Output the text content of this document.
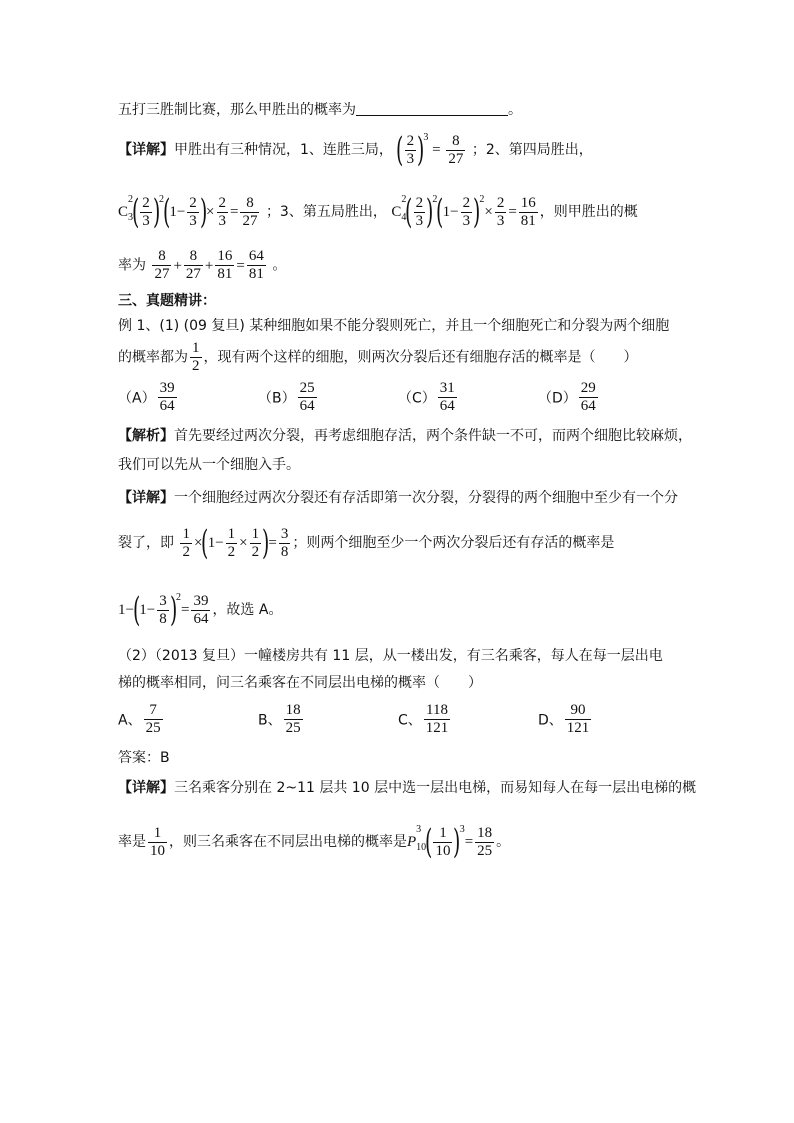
五打三胜制比赛，那么甲胜出的概率为	。
【详解】甲胜出有三种情况，1、连胜三局， ( $\frac{2}{3} )^3 = \frac{8}{27}$ ；2、第四局胜出，
$C^2_3( \frac{2}{3} )^2(1- \frac{2}{3}$ )× $\frac{2}{3} = \frac{8}{27}$ ；3、第五局胜出， $C^2_4( \frac{2}{3} )^2(1- \frac{2}{3} )^2\times \frac{2}{3} = \frac{16}{81}$ ，则甲胜出的概
率为 $\frac{8}{27} + \frac{8}{27} + \frac{16}{81} = \frac{64}{81}$ 。
三、真题精讲：
例 1、(1) (09 复旦) 某种细胞如果不能分裂则死亡，并且一个细胞死亡和分裂为两个细胞
的概率都为 $\frac{1}{2}$ ，现有两个这样的细胞，则两次分裂后还有细胞存活的概率是（　　）
$(A) \frac{39}{64}$	$(B) \frac{25}{64}$	$(C) \frac{31}{64}$	$(D) \frac{29}{64}$
【解析】首先要经过两次分裂，再考虑细胞存活，两个条件缺一不可，而两个细胞比较麻烦，
我们可以先从一个细胞入手。
【详解】一个细胞经过两次分裂还有存活即第一次分裂，分裂得的两个细胞中至少有一个分
裂了，即 $\frac{1}{2} \times(1- \frac{1}{2} \times \frac{1}{2}$ )= $\frac{3}{8}$ ；则两个细胞至少一个两次分裂后还有存活的概率是
$1-(1- \frac{3}{8} )^2= \frac{39}{64}$ ，故选 A。
（2）（2013 复旦）一幢楼房共有 11 层，从一楼出发，有三名乘客，每人在每一层出电
梯的概率相同，问三名乘客在不同层出电梯的概率（　　）
A、 $\frac{7}{25}$	B、 $\frac{18}{25}$	C、 $\frac{118}{121}$	D、 $\frac{90}{121}$
答案：B
【详解】三名乘客分别在 2~11 层共 10 层中选一层出电梯，而易知每人在每一层出电梯的概
率是 $\frac{1}{10}$ ，则三名乘客在不同层出电梯的概率是$P^3_{10}( \frac{1}{10} )^3= \frac{18}{25}$ 。
